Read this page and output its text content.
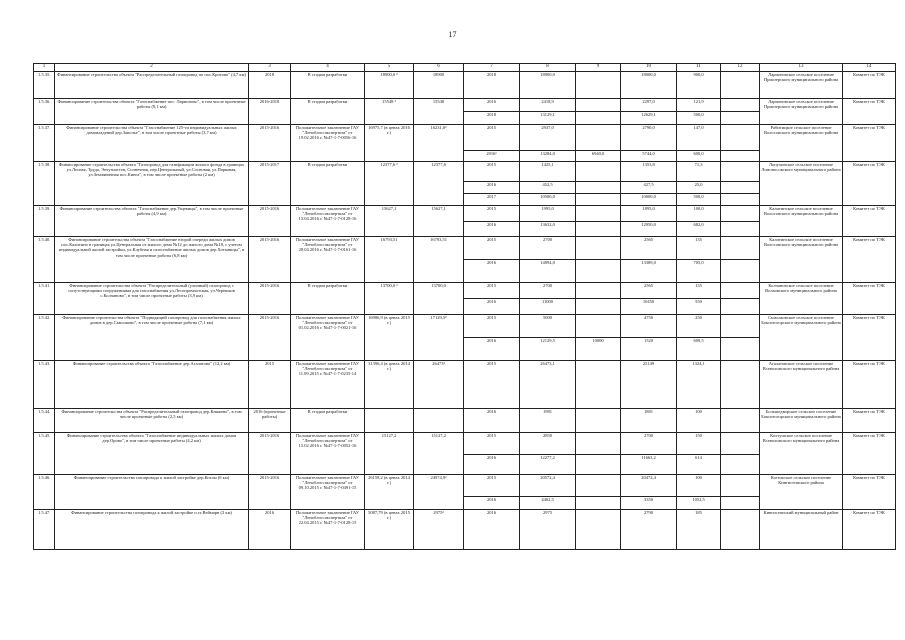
17
1	2	3	4	5	6	7	8	9	10	11	12	13	14
1.5.35.	Финансирование строительства объекта "Распределительный газопровод по пос.Кротово" (4,7 км)	2018	В стадии разработки	18900,0 ²	18900	2018	18900,0		18000,0	900,0		Ларионовское сельское поселение Приозерского муниципального района	Комитет по ТЭК
1.5.36.	Финансирование строительства объекта "Газоснабжение пос. Ларионово", в том числе проектные работы (9,1 км)	2016-2018	В стадии разработки	15548 ²	15548	2016	2418,9		2297,0	121,9		Ларионовское сельское поселение Приозерского муниципального района	Комитет по ТЭК
						2018	13129,1		12629,1	500,0			
1.5.37.	Финансирование строительства объекта "Газоснабжение 125-ти индивидуальных жилых домовладений дер.Заполье", в том числе проектные работы (3,7 км)	2015-2016	Положительное заключение ГАУ "Леноблгосэкспертиза" от 19.02.2016 г. №47-1-7-0056-16	16975,7 (в ценах 2016 г.)	16231,0²	2015	2937,0		2790,0	147,0		Рабитицкое сельское поселение Волосовского муниципального района	Комитет по ТЭК
						2016¹	13284,0	6940,0	5744,0	600,0			
1.5.38.	Финансирование строительства объекта "Газопровод для газификации жилого фонда в границах ул.Лесная, Труда, Энтузиастов, Солнечная, пер.Центральный, ул.Сосновая, ул.Парковая, ул.Земляничная пос.Кинга", в том числе проектные работы (2 км)	2015-2017	В стадии разработки	12377,6 ²	12377,6	2015	1425,1		1353,8	71,3		Лопухинское сельское поселение Ломоносовского муниципального района	Комитет по ТЭК
						2016	452,5		427,5	25,0			
						2017	10500,0		10000,0	500,0			
1.5.39.	Финансирование строительства объекта "Газоснабжение дер.Ущевицы", в том числе проектные работы (4,9 км)	2015-2016	Положительное заключение ГАУ "Леноблгосэкспертиза" от 15.04.2016 г. №47-1-7-0128-16	15627,1	15627,1	2015	1995,0		1895,0	100,0		Калитинское сельское поселение Волосовского муниципального района	Комитет по ТЭК
						2016	13632,0		12950,0	682,0			
1.5.40.	Финансирование строительства объекта "Газоснабжение второй очереди жилых домов пос.Калитино в границах ул.Центральная от жилого дома №12 до жилого дома №18, с учетом индивидуальной жилой застройки, ул.Клубная и газоснабжение жилых домов дер.Хотыницы", в том числе проектные работы (6,8 км)	2015-2016	Положительное заключение ГАУ "Леноблгосэкспертиза" от 28.04.2016 г. №47-1-7-0161-16	16793,51	16793,51	2015	2700		2565	135		Калитинское сельское поселение Волосовского муниципального района	Комитет по ТЭК
						2016	14094,0		13389,0	705,0			
1.5.41.	Финансирование строительства объекта "Распределительный (уличный) газопровод с сопутствующими сооружениями для газоснабжения ул.Лесопромхозская, ул.Черешков с.Колчаново", в том числе проектные работы (3,9 км)	2015-2016	В стадии разработки	13700,0 ²	13700,0	2015	2700		2565	135		Колчановское сельское поселение Волховского муниципального района	Комитет по ТЭК
						2016	11000		10450	550			
1.5.42.	Финансирование строительства объекта "Подводящий газопровод для газоснабжения жилых домов в дер.Сьмолково", в том числе проектные работы (7,1 км)	2015-2016	Положительное заключение ГАУ "Леноблгосэкспертиза" от 01.02.2016 г. №47-1-7-0021-16	16986,9 (в ценах 2015 г.)	17129,5²	2015	5000		4750	250		Сьмолковское сельское поселение Бокситогорского муниципального района	Комитет по ТЭК
						2016	12129,5	10000	1520	609,5			
1.5.43.	Финансирование строительства объекта "Газоснабжение дер.Агалатово" (12,2 км)	2015	Положительное заключение ГАУ "Леноблгосэкспертиза" от 11.09.2015 г. №47-1-7-0235-14	31396,4 (в ценах 2014 г.)	26473²	2015	26473,1		25149	1324,1		Агалатовское сельское поселение Всеволожского муниципального района	Комитет по ТЭК
1.5.44.	Финансирование строительства объекта "Распределительный газопровод дер.Княжево", в том числе проектные работы (2,5 км)	2016 (проектные работы)	В стадии разработки			2016	1981		1881	100		Большедворское сельское поселение Бокситогорского муниципального района	Комитет по ТЭК
1.5.45.	Финансирование строительства объекта "Газоснабжение индивидуальных жилых домов дер.Орово", в том числе проектные работы (4,2 км)	2015-2016	Положительное заключение ГАУ "Леноблгосэкспертиза" от 15.02.2016 г. №47-1-7-0052-16	15127,2	15127,2	2015	2850		2700	150		Колтушское сельское поселение Всеволожского муниципального района	Комитет по ТЭК
						2016	12277,2		11663,2	614			
1.5.46.	Финансирование строительства газопровода к жилой застройке дер.Котлы (6 км)	2015-2016	Положительное заключение ГАУ "Леноблгосэкспертиза" от 09.10.2015 г. №47-1-7-0491-15	26158,2 (в ценах 2014 г.)	24974,9²	2015	20572,4		20472,4	100		Котельское сельское поселение Кингисеппского района	Комитет по ТЭК
						2016	4402,5		3350	1052,5			
1.5.47.	Финансирование строительства газопровода к жилой застройке п.ст.Веймарн (2 км)	2016	Положительное заключение ГАУ "Леноблгосэкспертиза" от 22.04.2015 г. №47-1-7-0128-15	5087,79 (в ценах 2015 г.)	2975²	2016	2975		2790	185		Кингисеппский муниципальный район	Комитет по ТЭК
